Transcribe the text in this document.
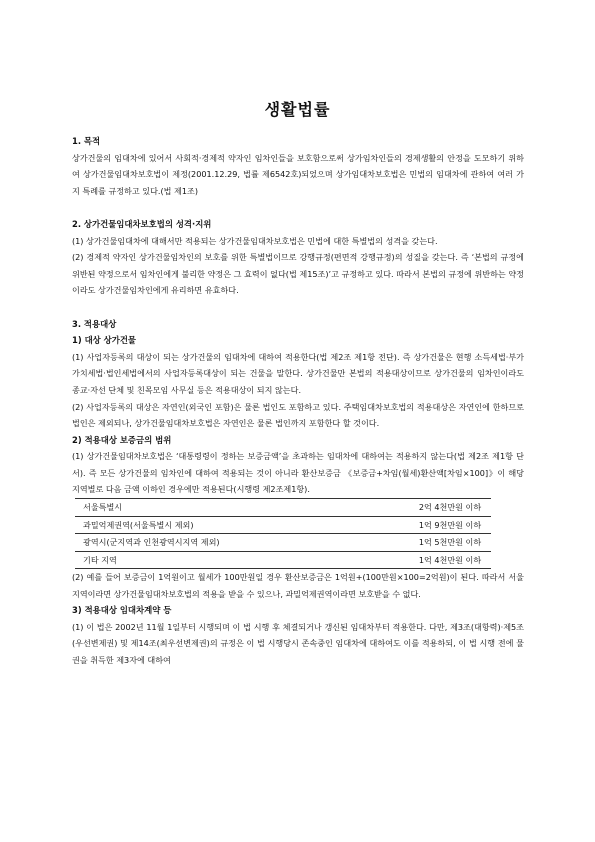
생활법률

1. 목적

상가건물의 임대차에 있어서 사회적·경제적 약자인 임차인들을 보호함으로써 상가임차인들의 경제생활의 안정을 도모하기 위하여 상가건물임대차보호법이 제정(2001.12.29, 법률 제6542호)되었으며 상가임대차보호법은 민법의 임대차에 관하여 여러 가지 특례를 규정하고 있다.(법 제1조)

2. 상가건물임대차보호법의 성격·지위

(1) 상가건물임대차에 대해서만 적용되는 상가건물임대차보호법은 민법에 대한 특별법의 성격을 갖는다.

(2) 경제적 약자인 상가건물임차인의 보호를 위한 특별법이므로 강행규정(편면적 강행규정)의 성질을 갖는다. 즉 ‘본법의 규정에 위반된 약정으로서 임차인에게 불리한 약정은 그 효력이 없다(법 제15조)’고 규정하고 있다. 따라서 본법의 규정에 위반하는 약정이라도 상가건물임차인에게 유리하면 유효하다.

3. 적용대상

1) 대상 상가건물

(1) 사업자등록의 대상이 되는 상가건물의 임대차에 대하여 적용한다(법 제2조 제1항 전단). 즉 상가건물은 현행 소득세법·부가가치세법·법인세법에서의 사업자등록대상이 되는 건물을 말한다. 상가건물만 본법의 적용대상이므로 상가건물의 임차인이라도 종교·자선 단체 및 친목모임 사무실 등은 적용대상이 되지 않는다.

(2) 사업자등록의 대상은 자연인(외국인 포함)은 물론 법인도 포함하고 있다. 주택임대차보호법의 적용대상은 자연인에 한하므로 법인은 제외되나, 상가건물임대차보호법은 자연인은 물론 법인까지 포함한다 할 것이다.

2) 적용대상 보증금의 범위

(1) 상가건물임대차보호법은 ‘대통령령이 정하는 보증금액’을 초과하는 임대차에 대하여는 적용하지 않는다(법 제2조 제1항 단서). 즉 모든 상가건물의 임차인에 대하여 적용되는 것이 아니라 환산보증금 《보증금+차임(월세)환산액[차임×100]》이 해당 지역별로 다음 금액 이하인 경우에만 적용된다(시행령 제2조제1항).

서울특별시	2억 4천만원 이하
과밀억제권역(서울특별시 제외)	1억 9천만원 이하
광역시(군지역과 인천광역시지역 제외)	1억 5천만원 이하
기타 지역	1억 4천만원 이하

(2) 예를 들어 보증금이 1억원이고 월세가 100만원일 경우 환산보증금은 1억원+(100만원×100=2억원)이 된다. 따라서 서울지역이라면 상가건물임대차보호법의 적용을 받을 수 있으나, 과밀억제권역이라면 보호받을 수 없다.

3) 적용대상 임대차계약 등

(1) 이 법은 2002년 11월 1일부터 시행되며 이 법 시행 후 체결되거나 갱신된 임대차부터 적용한다. 다만, 제3조(대항력)·제5조(우선변제권) 및 제14조(최우선변제권)의 규정은 이 법 시행당시 존속중인 임대차에 대하여도 이를 적용하되, 이 법 시행 전에 물권을 취득한 제3자에 대하여
